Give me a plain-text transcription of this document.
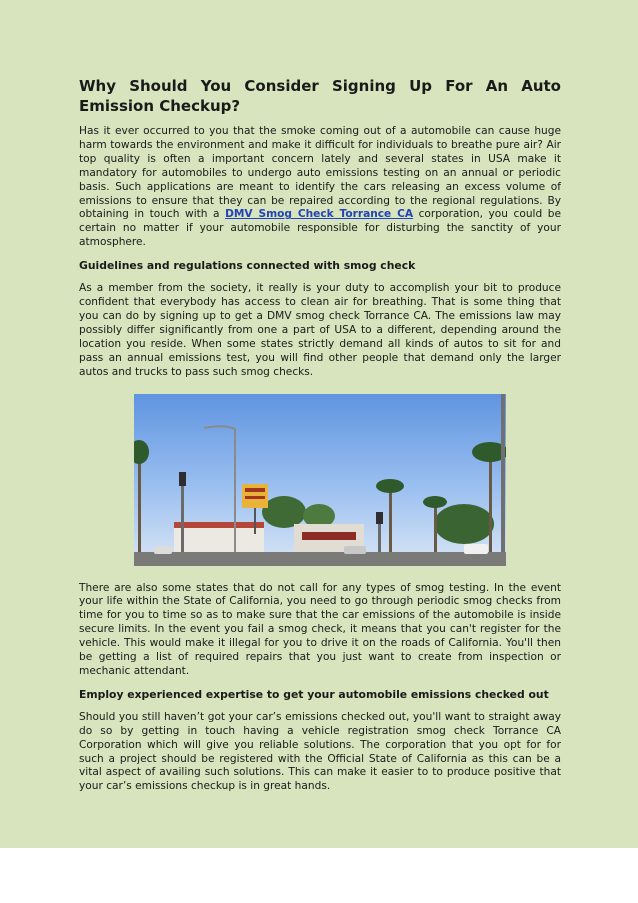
Why Should You Consider Signing Up For An Auto Emission Checkup?

Has it ever occurred to you that the smoke coming out of a automobile can cause huge harm towards the environment and make it difficult for individuals to breathe pure air? Air top quality is often a important concern lately and several states in USA make it mandatory for automobiles to undergo auto emissions testing on an annual or periodic basis. Such applications are meant to identify the cars releasing an excess volume of emissions to ensure that they can be repaired according to the regional regulations. By obtaining in touch with a DMV Smog Check Torrance CA corporation, you could be certain no matter if your automobile responsible for disturbing the sanctity of your atmosphere.

Guidelines and regulations connected with smog check

As a member from the society, it really is your duty to accomplish your bit to produce confident that everybody has access to clean air for breathing. That is some thing that you can do by signing up to get a DMV smog check Torrance CA. The emissions law may possibly differ significantly from one a part of USA to a different, depending around the location you reside. When some states strictly demand all kinds of autos to sit for and pass an annual emissions test, you will find other people that demand only the larger autos and trucks to pass such smog checks.

There are also some states that do not call for any types of smog testing. In the event your life within the State of California, you need to go through periodic smog checks from time for you to time so as to make sure that the car emissions of the automobile is inside secure limits. In the event you fail a smog check, it means that you can't register for the vehicle. This would make it illegal for you to drive it on the roads of California. You'll then be getting a list of required repairs that you just want to create from inspection or mechanic attendant.

Employ experienced expertise to get your automobile emissions checked out

Should you still haven’t got your car’s emissions checked out, you'll want to straight away do so by getting in touch having a vehicle registration smog check Torrance CA Corporation which will give you reliable solutions. The corporation that you opt for for such a project should be registered with the Official State of California as this can be a vital aspect of availing such solutions. This can make it easier to to produce positive that your car’s emissions checkup is in great hands.
